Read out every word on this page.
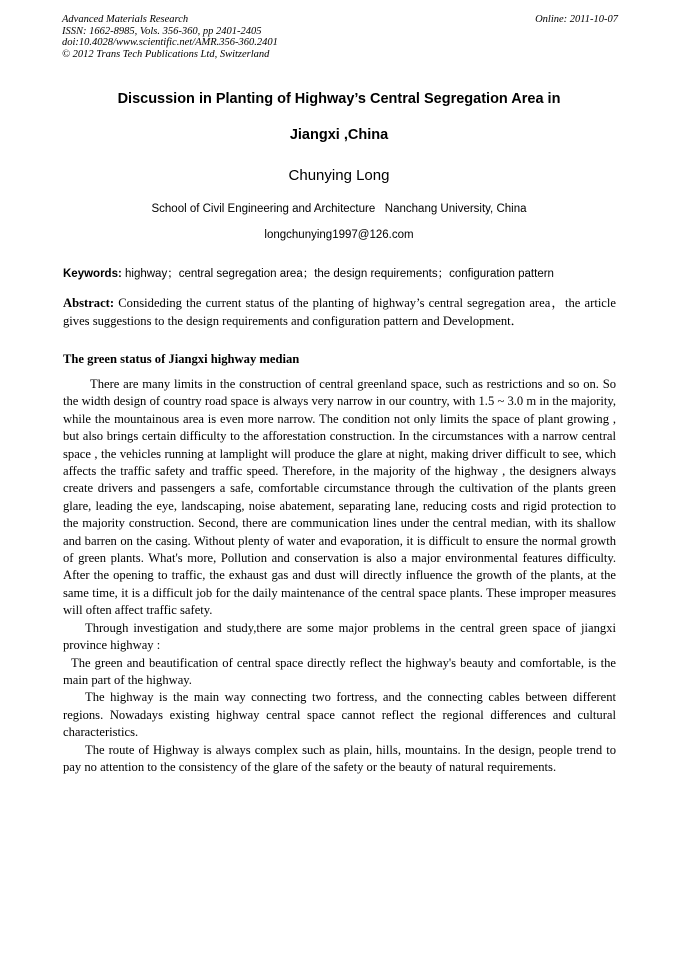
Advanced Materials Research
ISSN: 1662-8985, Vols. 356-360, pp 2401-2405
doi:10.4028/www.scientific.net/AMR.356-360.2401
© 2012 Trans Tech Publications Ltd, Switzerland
Online: 2011-10-07
Discussion in Planting of Highway’s Central Segregation Area in
Jiangxi ,China
Chunying Long
School of Civil Engineering and Architecture   Nanchang University, China
longchunying1997@126.com
Keywords: highway；central segregation area；the design requirements；configuration pattern
Abstract: Consideding the current status of the planting of highway’s central segregation area，the article gives suggestions to the design requirements and configuration pattern and Development．
The green status of Jiangxi highway median

There are many limits in the construction of central greenland space, such as restrictions and so on. So the width design of country road space is always very narrow in our country, with 1.5 ~ 3.0 m in the majority, while the mountainous area is even more narrow. The condition not only limits the space of plant growing , but also brings certain difficulty to the afforestation construction. In the circumstances with a narrow central space , the vehicles running at lamplight will produce the glare at night, making driver difficult to see, which affects the traffic safety and traffic speed. Therefore, in the majority of the highway , the designers always create drivers and passengers a safe, comfortable circumstance through the cultivation of the plants green glare, leading the eye, landscaping, noise abatement, separating lane, reducing costs and rigid protection to the majority construction. Second, there are communication lines under the central median, with its shallow and barren on the casing. Without plenty of water and evaporation, it is difficult to ensure the normal growth of green plants. What's more, Pollution and conservation is also a major environmental features difficulty. After the opening to traffic, the exhaust gas and dust will directly influence the growth of the plants, at the same time, it is a difficult job for the daily maintenance of the central space plants. These improper measures will often affect traffic safety.

Through investigation and study,there are some major problems in the central green space of jiangxi province highway :

The green and beautification of central space directly reflect the highway's beauty and comfortable, is the main part of the highway.

The highway is the main way connecting two fortress, and the connecting cables between different regions. Nowadays existing highway central space cannot reflect the regional differences and cultural characteristics.

The route of Highway is always complex such as plain, hills, mountains. In the design, people trend to pay no attention to the consistency of the glare of the safety or the beauty of natural requirements.
